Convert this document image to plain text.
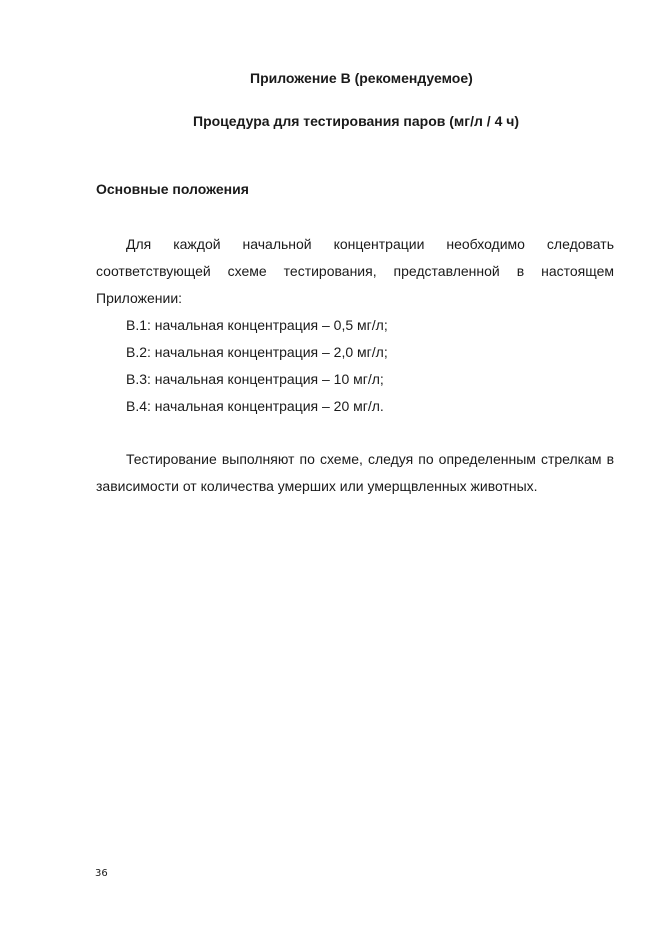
Приложение В (рекомендуемое)
Процедура для тестирования паров (мг/л / 4 ч)
Основные положения

Для каждой начальной концентрации необходимо следовать соответствующей схеме тестирования, представленной в настоящем Приложении:

В.1: начальная концентрация – 0,5 мг/л;
В.2: начальная концентрация – 2,0 мг/л;
В.3: начальная концентрация – 10 мг/л;
В.4: начальная концентрация – 20 мг/л.

Тестирование выполняют по схеме, следуя по определенным стрелкам в зависимости от количества умерших или умерщвленных животных.

36
